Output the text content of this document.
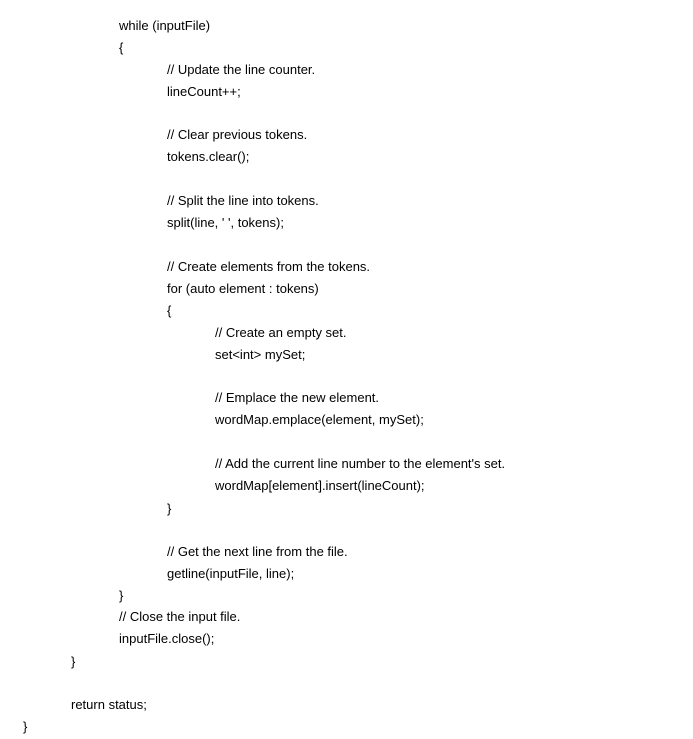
while (inputFile)
{
// Update the line counter.
lineCount++;
// Clear previous tokens.
tokens.clear();
// Split the line into tokens.
split(line, ' ', tokens);
// Create elements from the tokens.
for (auto element : tokens)
{
// Create an empty set.
set<int> mySet;
// Emplace the new element.
wordMap.emplace(element, mySet);
// Add the current line number to the element's set.
wordMap[element].insert(lineCount);
}
// Get the next line from the file.
getline(inputFile, line);
}
// Close the input file.
inputFile.close();
}
return status;
}
